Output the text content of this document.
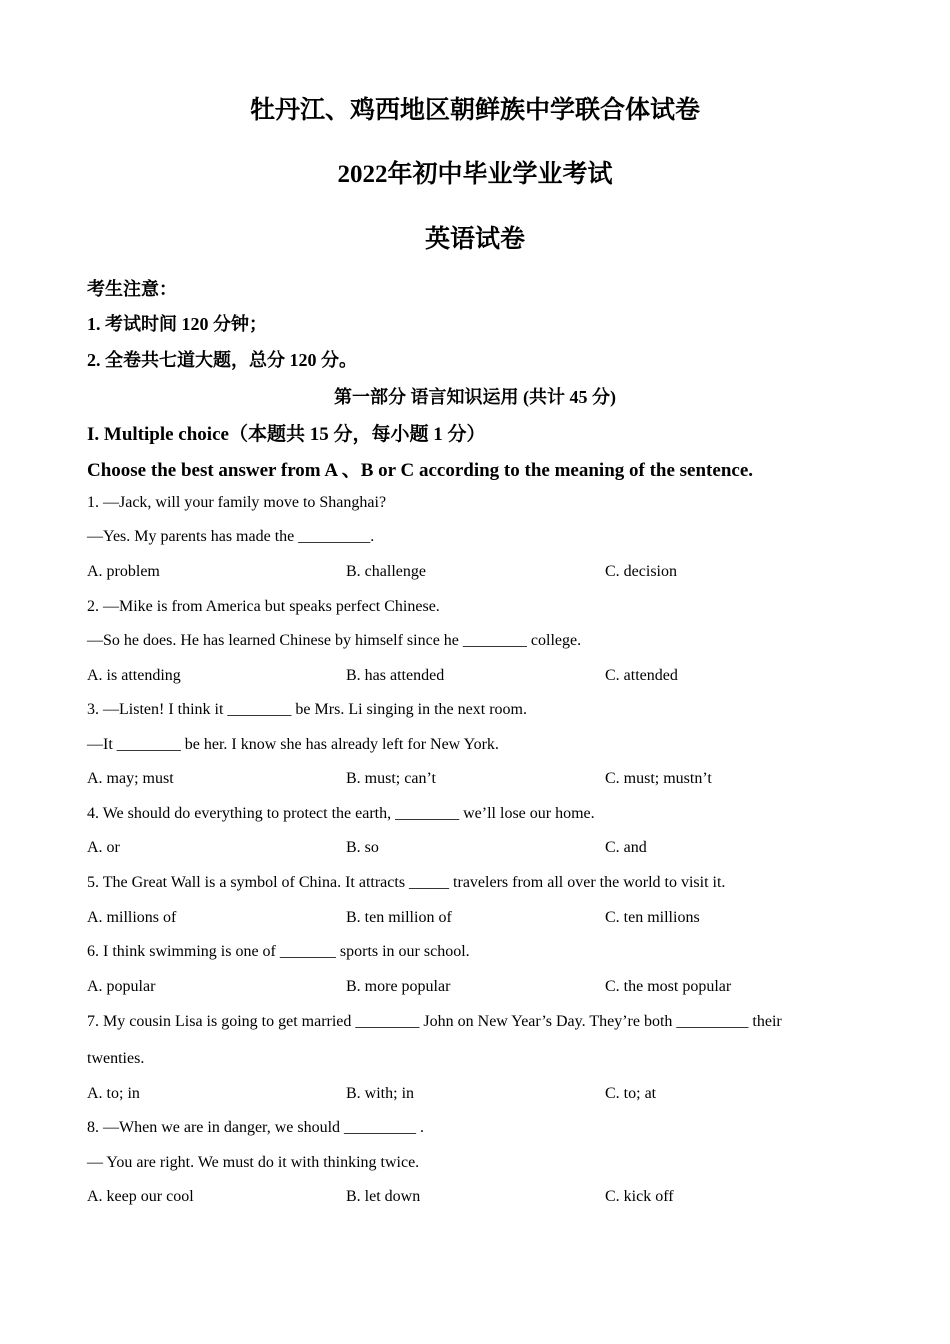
牡丹江、鸡西地区朝鲜族中学联合体试卷
2022年初中毕业学业考试
英语试卷
考生注意：
1. 考试时间 120 分钟；
2. 全卷共七道大题，总分 120 分。
第一部分 语言知识运用 (共计 45 分)
I. Multiple choice（本题共 15 分，每小题 1 分）
Choose the best answer from A 、B or C according to the meaning of the sentence.
1. —Jack, will your family move to Shanghai?
—Yes. My parents has made the _________.
A. problem	B. challenge	C. decision
2. —Mike is from America but speaks perfect Chinese.
—So he does. He has learned Chinese by himself since he ________ college.
A. is attending	B. has attended	C. attended
3. —Listen! I think it ________ be Mrs. Li singing in the next room.
—It ________ be her. I know she has already left for New York.
A. may; must	B. must; can’t	C. must; mustn’t
4. We should do everything to protect the earth, ________ we’ll lose our home.
A. or	B. so	C. and
5. The Great Wall is a symbol of China. It attracts _____ travelers from all over the world to visit it.
A. millions of	B. ten million of	C. ten millions
6. I think swimming is one of _______ sports in our school.
A. popular	B. more popular	C. the most popular
7. My cousin Lisa is going to get married ________ John on New Year’s Day. They’re both _________ their
twenties.
A. to; in	B. with; in	C. to; at
8. —When we are in danger, we should _________ .
— You are right. We must do it with thinking twice.
A. keep our cool	B. let down	C. kick off
